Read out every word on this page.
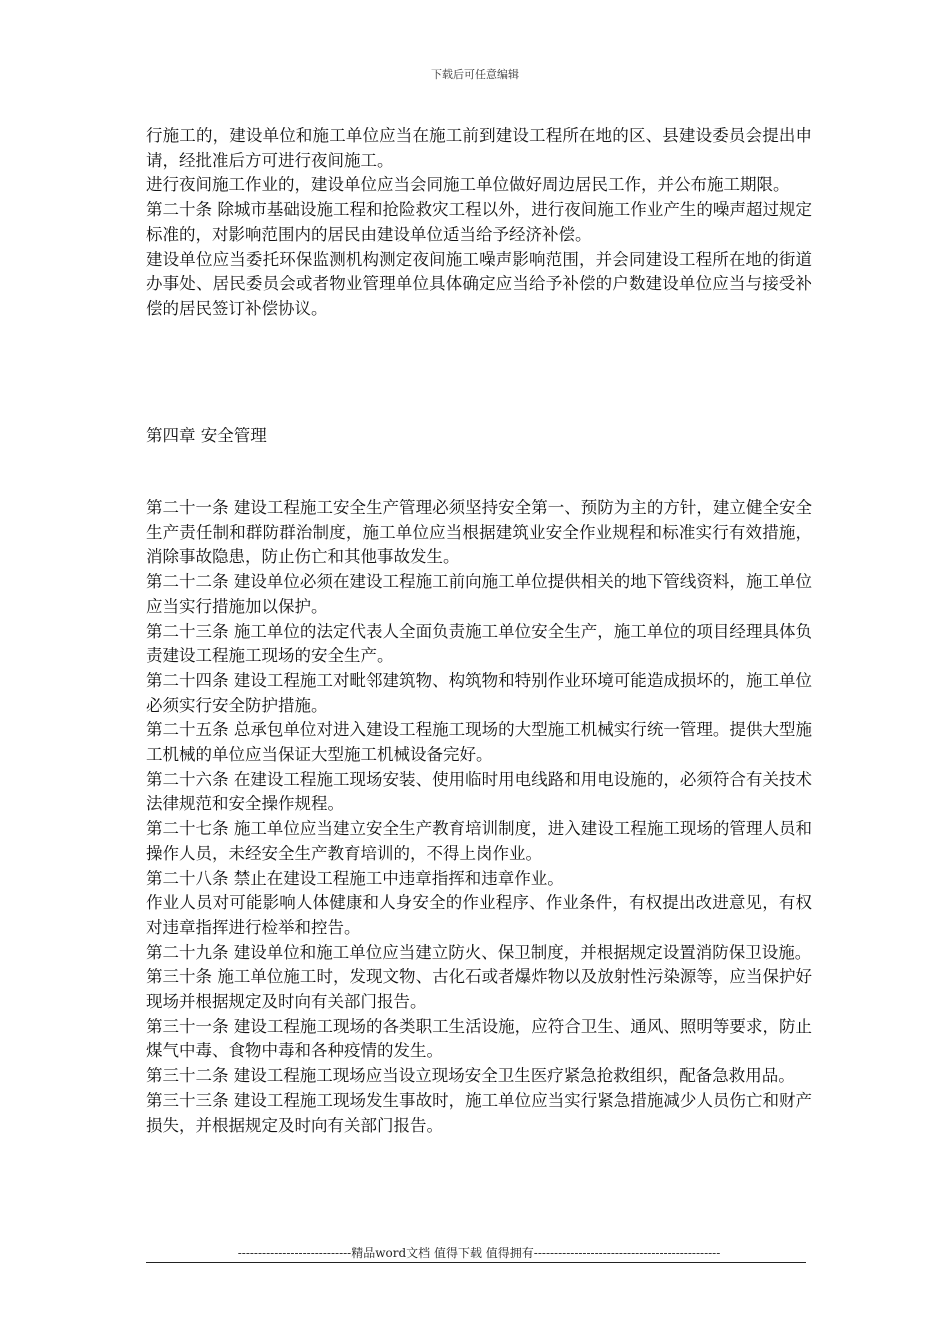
下载后可任意编辑

行施工的，建设单位和施工单位应当在施工前到建设工程所在地的区、县建设委员会提出申请，经批准后方可进行夜间施工。

进行夜间施工作业的，建设单位应当会同施工单位做好周边居民工作，并公布施工期限。

第二十条 除城市基础设施工程和抢险救灾工程以外，进行夜间施工作业产生的噪声超过规定标准的，对影响范围内的居民由建设单位适当给予经济补偿。

建设单位应当委托环保监测机构测定夜间施工噪声影响范围，并会同建设工程所在地的街道办事处、居民委员会或者物业管理单位具体确定应当给予补偿的户数建设单位应当与接受补偿的居民签订补偿协议。

第四章 安全管理

第二十一条 建设工程施工安全生产管理必须坚持安全第一、预防为主的方针，建立健全安全生产责任制和群防群治制度，施工单位应当根据建筑业安全作业规程和标准实行有效措施，消除事故隐患，防止伤亡和其他事故发生。

第二十二条 建设单位必须在建设工程施工前向施工单位提供相关的地下管线资料，施工单位应当实行措施加以保护。

第二十三条 施工单位的法定代表人全面负责施工单位安全生产，施工单位的项目经理具体负责建设工程施工现场的安全生产。

第二十四条 建设工程施工对毗邻建筑物、构筑物和特别作业环境可能造成损坏的，施工单位必须实行安全防护措施。

第二十五条 总承包单位对进入建设工程施工现场的大型施工机械实行统一管理。提供大型施工机械的单位应当保证大型施工机械设备完好。

第二十六条 在建设工程施工现场安装、使用临时用电线路和用电设施的，必须符合有关技术法律规范和安全操作规程。

第二十七条 施工单位应当建立安全生产教育培训制度，进入建设工程施工现场的管理人员和操作人员，未经安全生产教育培训的，不得上岗作业。

第二十八条 禁止在建设工程施工中违章指挥和违章作业。

作业人员对可能影响人体健康和人身安全的作业程序、作业条件，有权提出改进意见，有权对违章指挥进行检举和控告。

第二十九条 建设单位和施工单位应当建立防火、保卫制度，并根据规定设置消防保卫设施。

第三十条 施工单位施工时，发现文物、古化石或者爆炸物以及放射性污染源等，应当保护好现场并根据规定及时向有关部门报告。

第三十一条 建设工程施工现场的各类职工生活设施，应符合卫生、通风、照明等要求，防止煤气中毒、食物中毒和各种疫情的发生。

第三十二条 建设工程施工现场应当设立现场安全卫生医疗紧急抢救组织，配备急救用品。

第三十三条 建设工程施工现场发生事故时，施工单位应当实行紧急措施减少人员伤亡和财产损失，并根据规定及时向有关部门报告。

----------------------------精品word文档 值得下载 值得拥有----------------------------------------------
